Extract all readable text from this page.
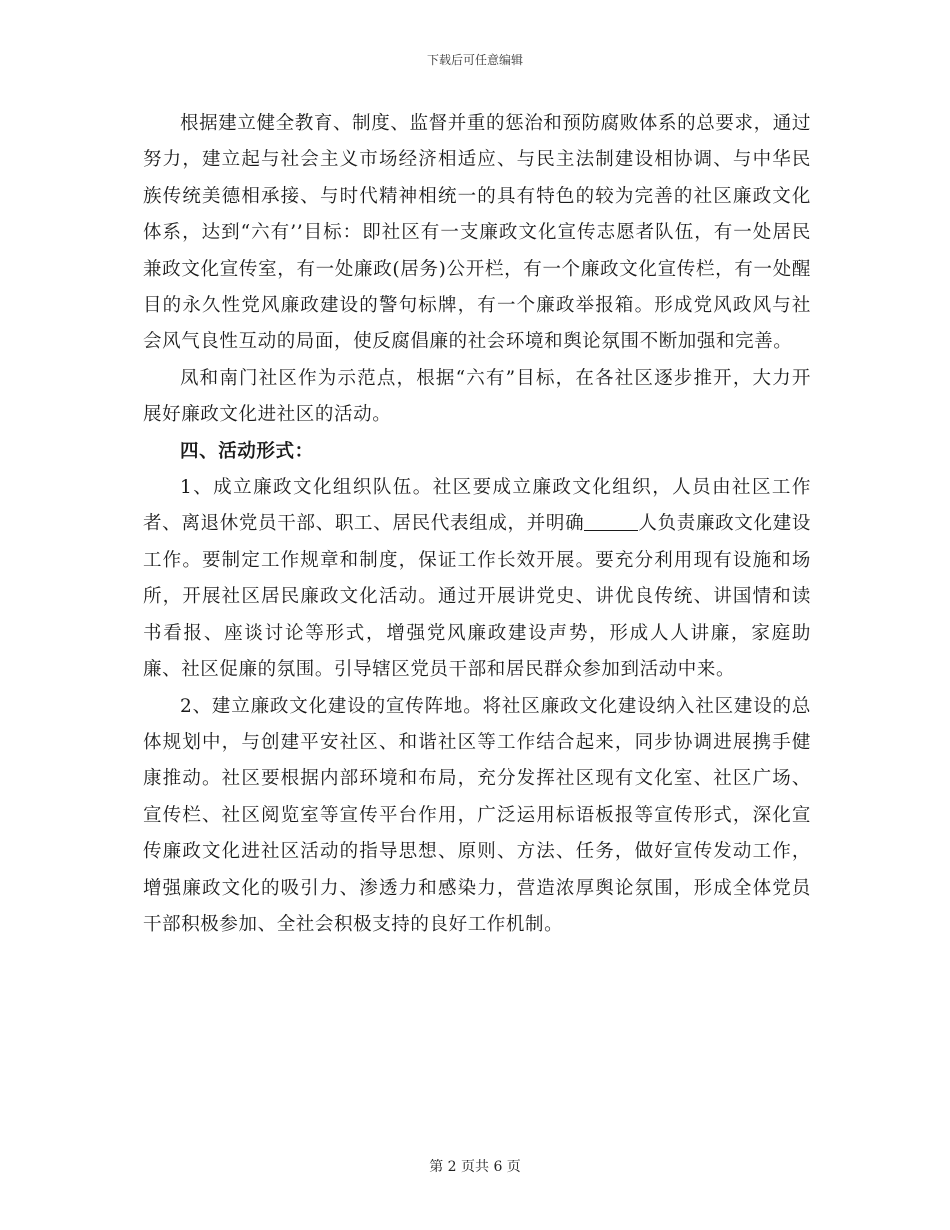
下载后可任意编辑

根据建立健全教育、制度、监督并重的惩治和预防腐败体系的总要求，通过努力，建立起与社会主义市场经济相适应、与民主法制建设相协调、与中华民族传统美德相承接、与时代精神相统一的具有特色的较为完善的社区廉政文化体系，达到“六有’’目标：即社区有一支廉政文化宣传志愿者队伍，有一处居民兼政文化宣传室，有一处廉政(居务)公开栏，有一个廉政文化宣传栏，有一处醒目的永久性党风廉政建设的警句标牌，有一个廉政举报箱。形成党风政风与社会风气良性互动的局面，使反腐倡廉的社会环境和舆论氛围不断加强和完善。

凤和南门社区作为示范点，根据“六有”目标，在各社区逐步推开，大力开展好廉政文化进社区的活动。

四、活动形式：

1、成立廉政文化组织队伍。社区要成立廉政文化组织，人员由社区工作者、离退休党员干部、职工、居民代表组成，并明确	人负责廉政文化建设工作。要制定工作规章和制度，保证工作长效开展。要充分利用现有设施和场所，开展社区居民廉政文化活动。通过开展讲党史、讲优良传统、讲国情和读书看报、座谈讨论等形式，增强党风廉政建设声势，形成人人讲廉，家庭助廉、社区促廉的氛围。引导辖区党员干部和居民群众参加到活动中来。

2、建立廉政文化建设的宣传阵地。将社区廉政文化建设纳入社区建设的总体规划中，与创建平安社区、和谐社区等工作结合起来，同步协调进展携手健康推动。社区要根据内部环境和布局，充分发挥社区现有文化室、社区广场、宣传栏、社区阅览室等宣传平台作用，广泛运用标语板报等宣传形式，深化宣传廉政文化进社区活动的指导思想、原则、方法、任务，做好宣传发动工作，增强廉政文化的吸引力、渗透力和感染力，营造浓厚舆论氛围，形成全体党员干部积极参加、全社会积极支持的良好工作机制。

第 2 页共 6 页
